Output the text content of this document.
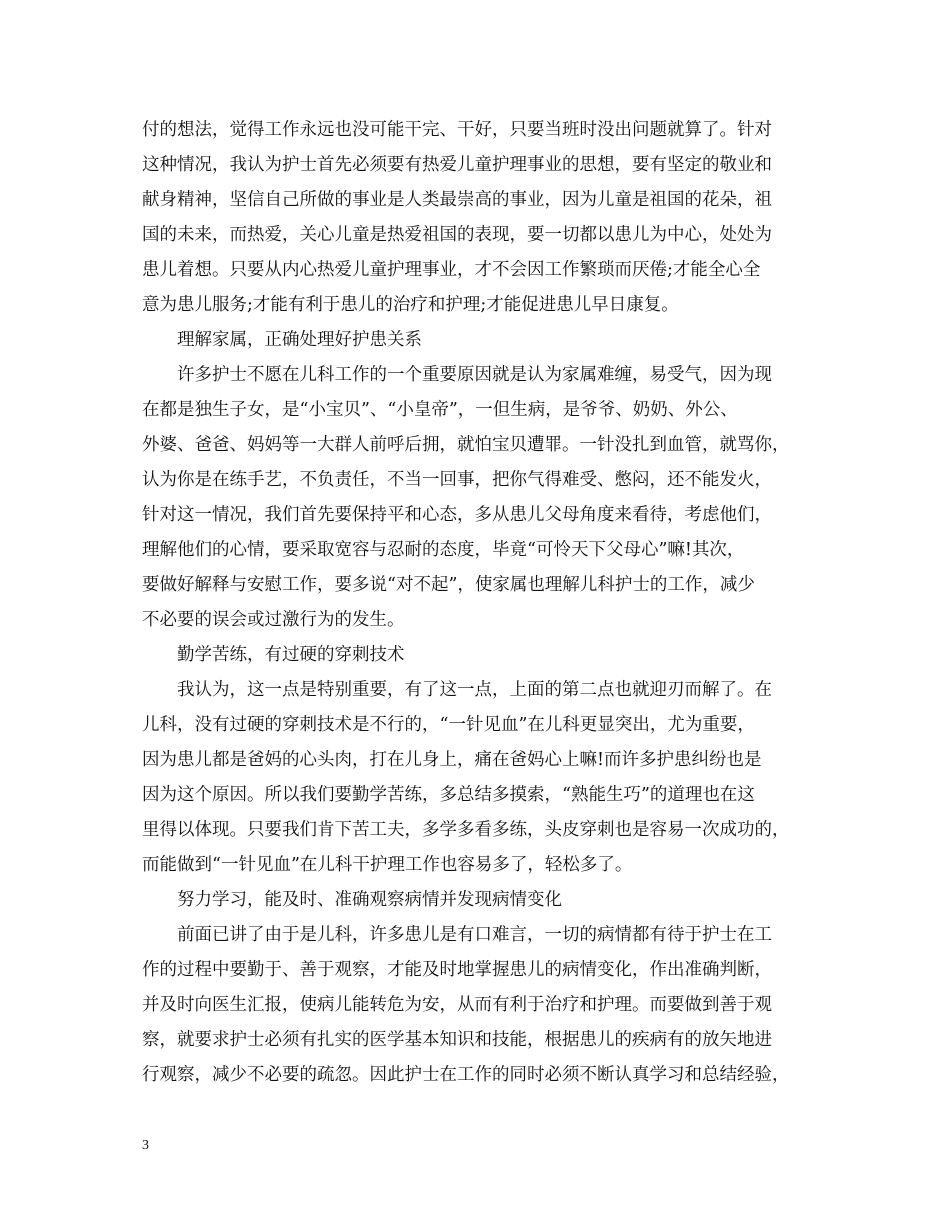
付的想法，觉得工作永远也没可能干完、干好，只要当班时没出问题就算了。针对
这种情况，我认为护士首先必须要有热爱儿童护理事业的思想，要有坚定的敬业和
献身精神，坚信自己所做的事业是人类最崇高的事业，因为儿童是祖国的花朵，祖
国的未来，而热爱，关心儿童是热爱祖国的表现，要一切都以患儿为中心，处处为
患儿着想。只要从内心热爱儿童护理事业，才不会因工作繁琐而厌倦;才能全心全
意为患儿服务;才能有利于患儿的治疗和护理;才能促进患儿早日康复。
理解家属，正确处理好护患关系
许多护士不愿在儿科工作的一个重要原因就是认为家属难缠，易受气，因为现
在都是独生子女，是“小宝贝”、“小皇帝”，一但生病，是爷爷、奶奶、外公、
外婆、爸爸、妈妈等一大群人前呼后拥，就怕宝贝遭罪。一针没扎到血管，就骂你，
认为你是在练手艺，不负责任，不当一回事，把你气得难受、憋闷，还不能发火，
针对这一情况，我们首先要保持平和心态，多从患儿父母角度来看待，考虑他们，
理解他们的心情，要采取宽容与忍耐的态度，毕竟“可怜天下父母心”嘛!其次，
要做好解释与安慰工作，要多说“对不起”，使家属也理解儿科护士的工作，减少
不必要的误会或过激行为的发生。
勤学苦练，有过硬的穿刺技术
我认为，这一点是特别重要，有了这一点，上面的第二点也就迎刃而解了。在
儿科，没有过硬的穿刺技术是不行的，“一针见血”在儿科更显突出，尤为重要，
因为患儿都是爸妈的心头肉，打在儿身上，痛在爸妈心上嘛!而许多护患纠纷也是
因为这个原因。所以我们要勤学苦练，多总结多摸索，“熟能生巧”的道理也在这
里得以体现。只要我们肯下苦工夫，多学多看多练，头皮穿刺也是容易一次成功的，
而能做到“一针见血”在儿科干护理工作也容易多了，轻松多了。
努力学习，能及时、准确观察病情并发现病情变化
前面已讲了由于是儿科，许多患儿是有口难言，一切的病情都有待于护士在工
作的过程中要勤于、善于观察，才能及时地掌握患儿的病情变化，作出准确判断，
并及时向医生汇报，使病儿能转危为安，从而有利于治疗和护理。而要做到善于观
察，就要求护士必须有扎实的医学基本知识和技能，根据患儿的疾病有的放矢地进
行观察，减少不必要的疏忽。因此护士在工作的同时必须不断认真学习和总结经验，
3
